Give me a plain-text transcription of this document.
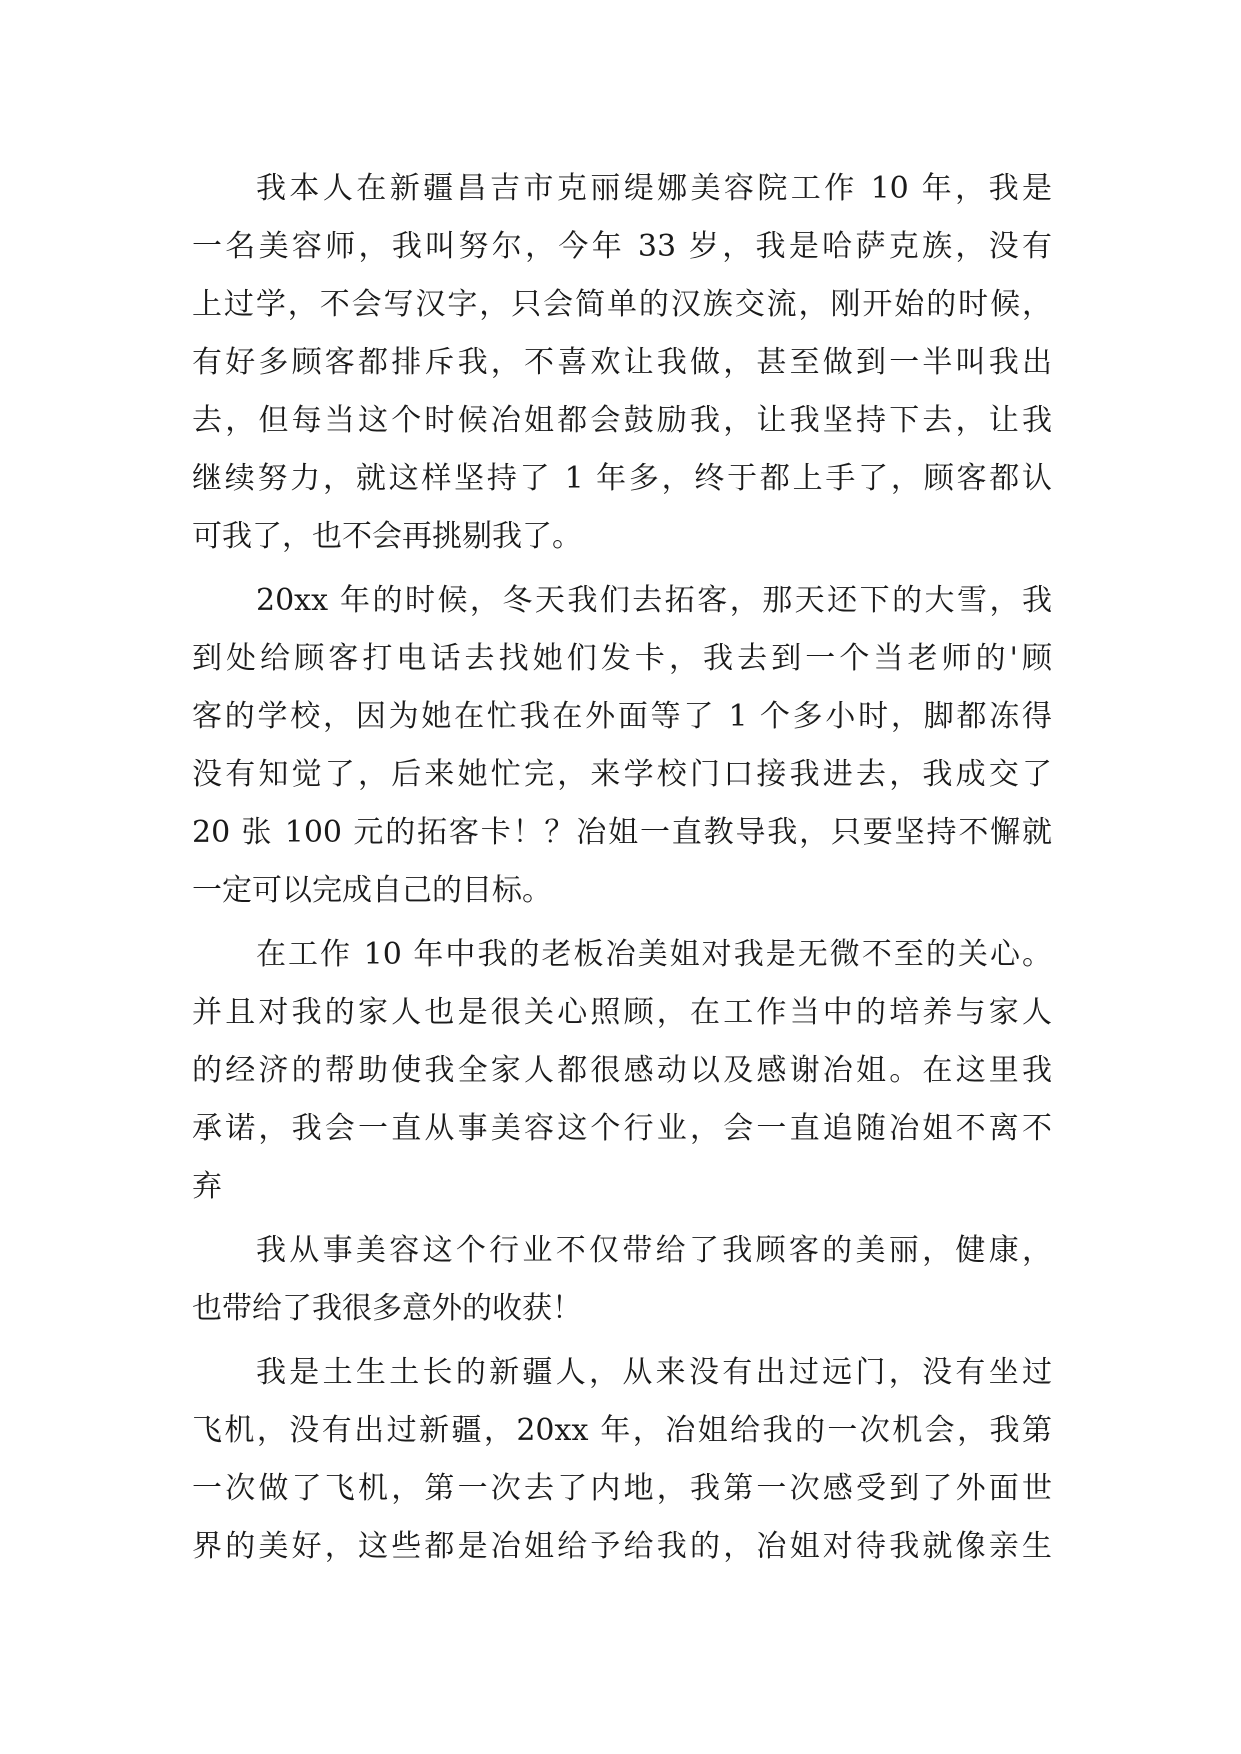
我本人在新疆昌吉市克丽缇娜美容院工作 10 年，我是
一名美容师，我叫努尔，今年 33 岁，我是哈萨克族，没有
上过学，不会写汉字，只会简单的汉族交流，刚开始的时候，
有好多顾客都排斥我，不喜欢让我做，甚至做到一半叫我出
去，但每当这个时候冶姐都会鼓励我，让我坚持下去，让我
继续努力，就这样坚持了 1 年多，终于都上手了，顾客都认
可我了，也不会再挑剔我了。
20xx 年的时候，冬天我们去拓客，那天还下的大雪，我
到处给顾客打电话去找她们发卡，我去到一个当老师的'顾
客的学校，因为她在忙我在外面等了 1 个多小时，脚都冻得
没有知觉了，后来她忙完，来学校门口接我进去，我成交了
20 张 100 元的拓客卡！？冶姐一直教导我，只要坚持不懈就
一定可以完成自己的目标。
在工作 10 年中我的老板冶美姐对我是无微不至的关心。
并且对我的家人也是很关心照顾，在工作当中的培养与家人
的经济的帮助使我全家人都很感动以及感谢冶姐。在这里我
承诺，我会一直从事美容这个行业，会一直追随冶姐不离不
弃
我从事美容这个行业不仅带给了我顾客的美丽，健康，
也带给了我很多意外的收获！
我是土生土长的新疆人，从来没有出过远门，没有坐过
飞机，没有出过新疆，20xx 年，冶姐给我的一次机会，我第
一次做了飞机，第一次去了内地，我第一次感受到了外面世
界的美好，这些都是冶姐给予给我的，冶姐对待我就像亲生
